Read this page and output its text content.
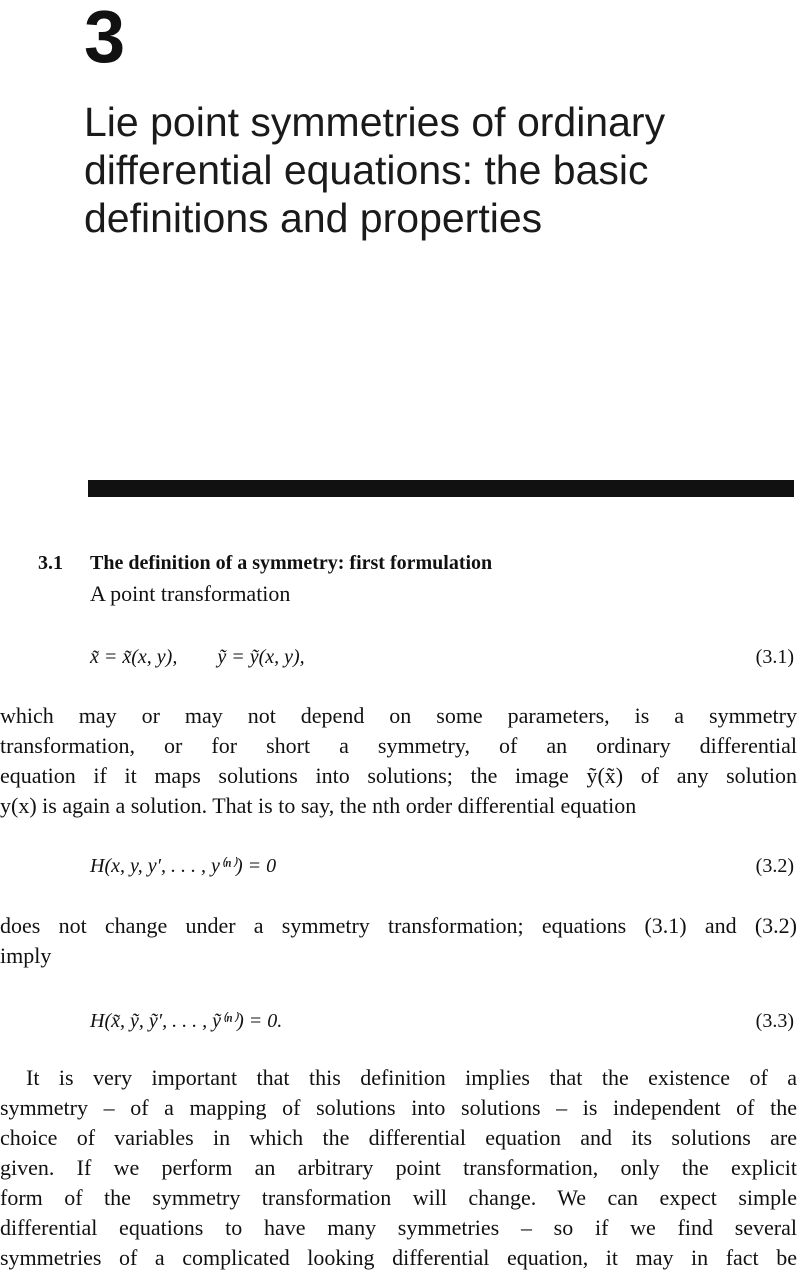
3
Lie point symmetries of ordinary
differential equations: the basic
definitions and properties
3.1 The definition of a symmetry: first formulation
A point transformation
x̃ = x̃(x, y),        ỹ = ỹ(x, y),	(3.1)
which may or may not depend on some parameters, is a symmetry
transformation, or for short a symmetry, of an ordinary differential
equation if it maps solutions into solutions; the image ỹ(x̃) of any solution
y(x) is again a solution. That is to say, the nth order differential equation
H(x, y, y′, . . . , y⁽ⁿ⁾) = 0	(3.2)
does not change under a symmetry transformation; equations (3.1) and (3.2)
imply
H(x̃, ỹ, ỹ′, . . . , ỹ⁽ⁿ⁾) = 0.	(3.3)
It is very important that this definition implies that the existence of a
symmetry – of a mapping of solutions into solutions – is independent of the
choice of variables in which the differential equation and its solutions are
given. If we perform an arbitrary point transformation, only the explicit
form of the symmetry transformation will change. We can expect simple
differential equations to have many symmetries – so if we find several
symmetries of a complicated looking differential equation, it may in fact be
